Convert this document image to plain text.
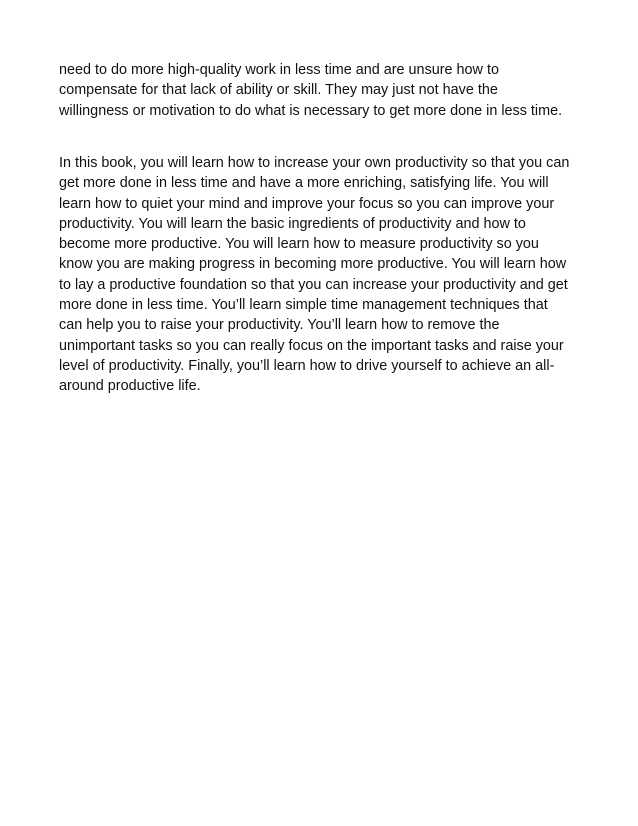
need to do more high-quality work in less time and are unsure how to
compensate for that lack of ability or skill. They may just not have the
willingness or motivation to do what is necessary to get more done in less time.

In this book, you will learn how to increase your own productivity so that you can
get more done in less time and have a more enriching, satisfying life. You will
learn how to quiet your mind and improve your focus so you can improve your
productivity. You will learn the basic ingredients of productivity and how to
become more productive. You will learn how to measure productivity so you
know you are making progress in becoming more productive. You will learn how
to lay a productive foundation so that you can increase your productivity and get
more done in less time. You’ll learn simple time management techniques that
can help you to raise your productivity. You’ll learn how to remove the
unimportant tasks so you can really focus on the important tasks and raise your
level of productivity. Finally, you’ll learn how to drive yourself to achieve an all-
around productive life.
